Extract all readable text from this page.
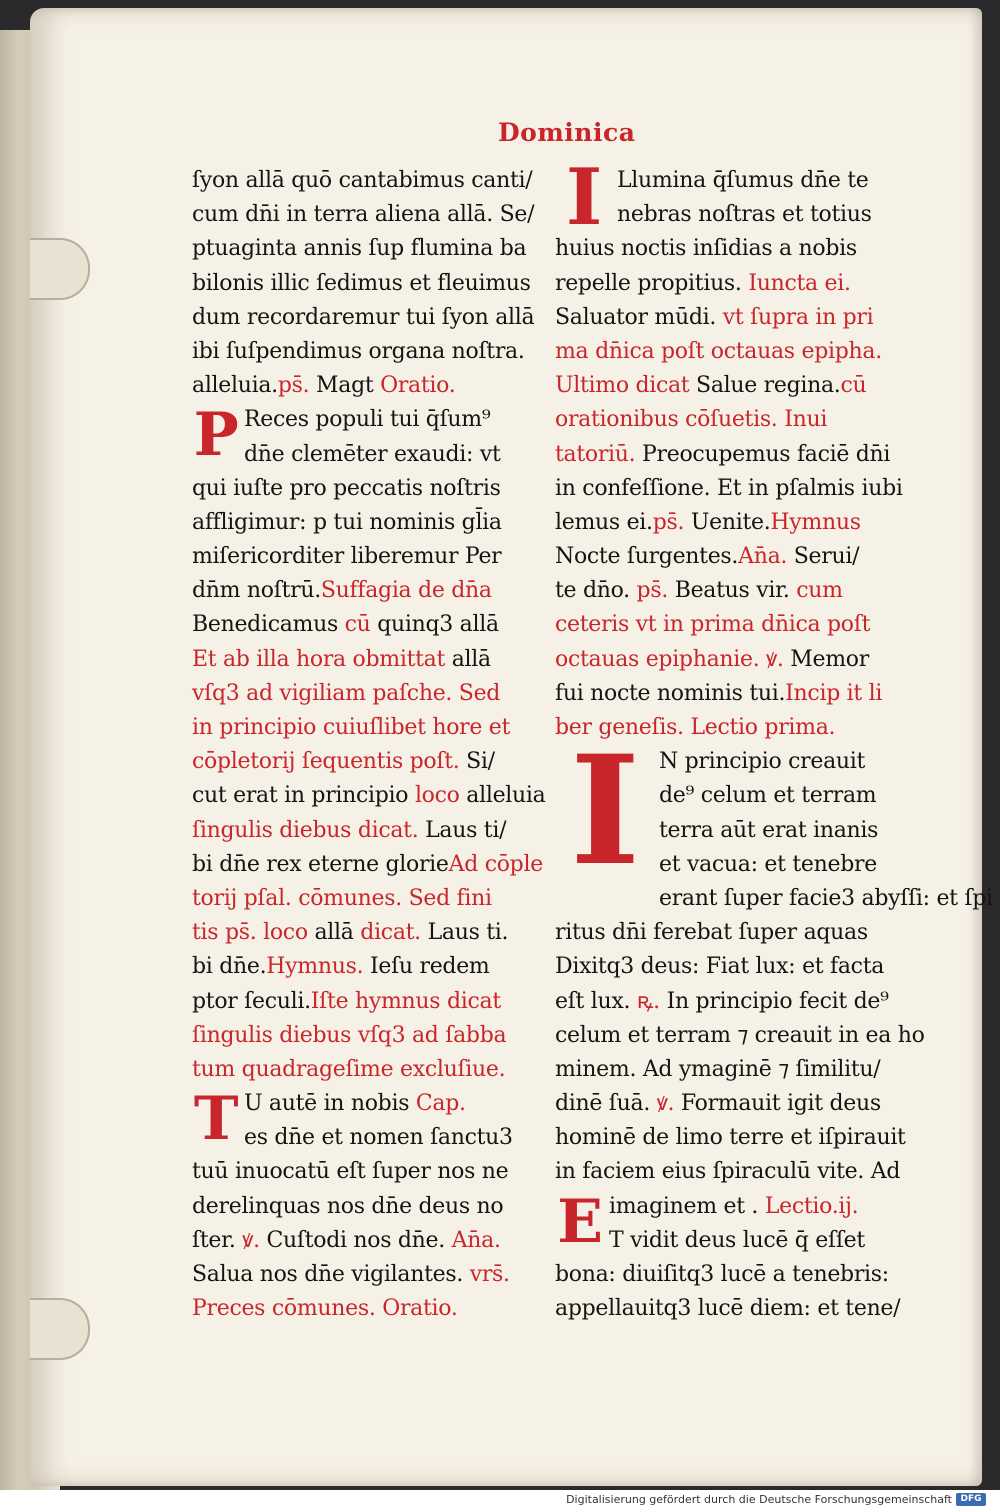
Dominica
ſyon allā quō cantabimus canti/
cum dn̄i in terra aliena allā. Se/
ptuaginta annis ſup flumina ba
bilonis illic ſedimus et fleuimus
dum recordaremur tui ſyon allā
ibi ſuſpendimus organa noſtra.
alleluia.ps̄. Magt Oratio.
P Reces populi tui q̄ſum⁹
dn̄e clemēter exaudi: vt
qui iuſte pro peccatis noſtris
affligimur: p tui nominis gl̄ia
miſericorditer liberemur Per
dn̄m noſtrū.Suffagia de dn̄a
Benedicamus cū quinq3 allā
Et ab illa hora obmittat allā
vſq3 ad vigiliam paſche. Sed
in principio cuiuſlibet hore et
cōpletorij ſequentis poſt. Si/
cut erat in principio loco alleluia
ſingulis diebus dicat. Laus ti/
bi dn̄e rex eterne glorieAd cōple
torij pſal. cōmunes. Sed fini
tis ps̄. loco allā dicat. Laus ti.
bi dn̄e.Hymnus. Ieſu redem
ptor ſeculi.Iſte hymnus dicat
ſingulis diebus vſq3 ad ſabba
tum quadrageſime excluſiue.
T U autē in nobis Cap.
es dn̄e et nomen ſanctu3
tuū inuocatū eſt ſuper nos ne
derelinquas nos dn̄e deus no
ſter. ꝟ. Cuſtodi nos dn̄e. An̄a.
Salua nos dn̄e vigilantes. vrs̄.
Preces cōmunes. Oratio.
I Llumina q̄ſumus dn̄e te
nebras noſtras et totius
huius noctis inſidias a nobis
repelle propitius. Iuncta ei.
Saluator mūdi. vt ſupra in pri
ma dn̄ica poſt octauas epipha.
Ultimo dicat Salue regina.cū
orationibus cōſuetis. Inui
tatoriū. Preocupemus faciē dn̄i
in confeſſione. Et in pſalmis iubi
lemus ei.ps̄. Uenite.Hymnus
Nocte ſurgentes.An̄a. Serui/
te dn̄o. ps̄. Beatus vir. cum
ceteris vt in prima dn̄ica poſt
octauas epiphanie. ꝟ. Memor
fui nocte nominis tui.Incip it li
ber geneſis. Lectio prima.
I N principio creauit
de⁹ celum et terram
terra aūt erat inanis
et vacua: et tenebre
erant ſuper facie3 abyſſi: et ſpi
ritus dn̄i ferebat ſuper aquas
Dixitq3 deus: Fiat lux: et facta
eſt lux. ꝶ. In principio fecit de⁹
celum et terram ⁊ creauit in ea ho
minem. Ad ymaginē ⁊ ſimilitu/
dinē ſuā. ꝟ. Formauit igit deus
hominē de limo terre et iſpirauit
in faciem eius ſpiraculū vite. Ad
E imaginem et . Lectio.ij.
T vidit deus lucē q̄ eſſet
bona: diuiſitq3 lucē a tenebris:
appellauitq3 lucē diem: et tene/
Digitalisierung gefördert durch die Deutsche Forschungsgemeinschaft DFG
